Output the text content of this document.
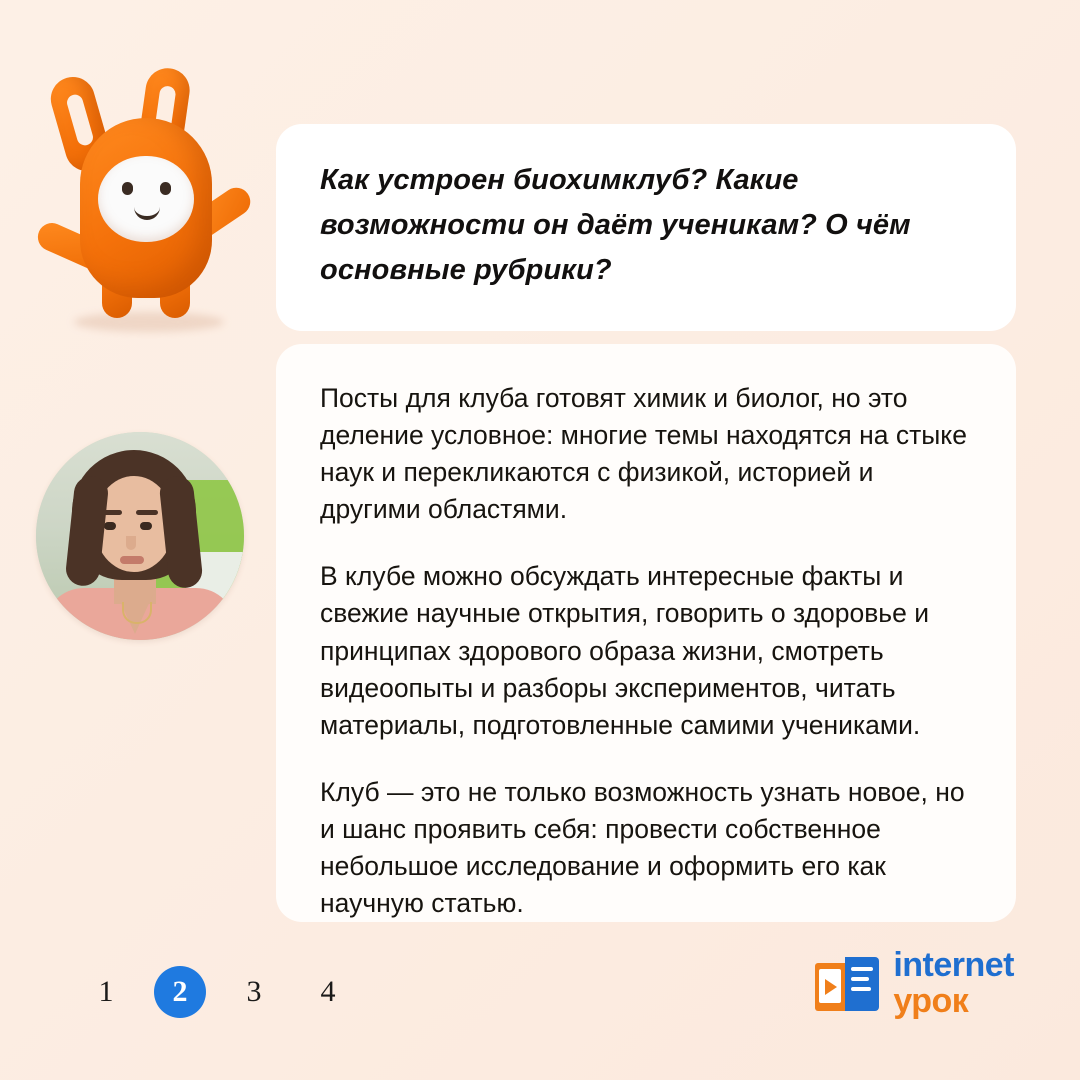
Как устроен биохимклуб? Какие возможности он даёт ученикам? О чём основные рубрики?

Посты для клуба готовят химик и биолог, но это деление условное: многие темы находятся на стыке наук и перекликаются с физикой, историей и другими областями.

В клубе можно обсуждать интересные факты и свежие научные открытия, говорить о здоровье и принципах здорового образа жизни, смотреть видеоопыты и разборы экспериментов, читать материалы, подготовленные самими учениками.

Клуб — это не только возможность узнать новое, но и шанс проявить себя: провести собственное небольшое исследование и оформить его как научную статью.

1	2	3	4
internet
урок
